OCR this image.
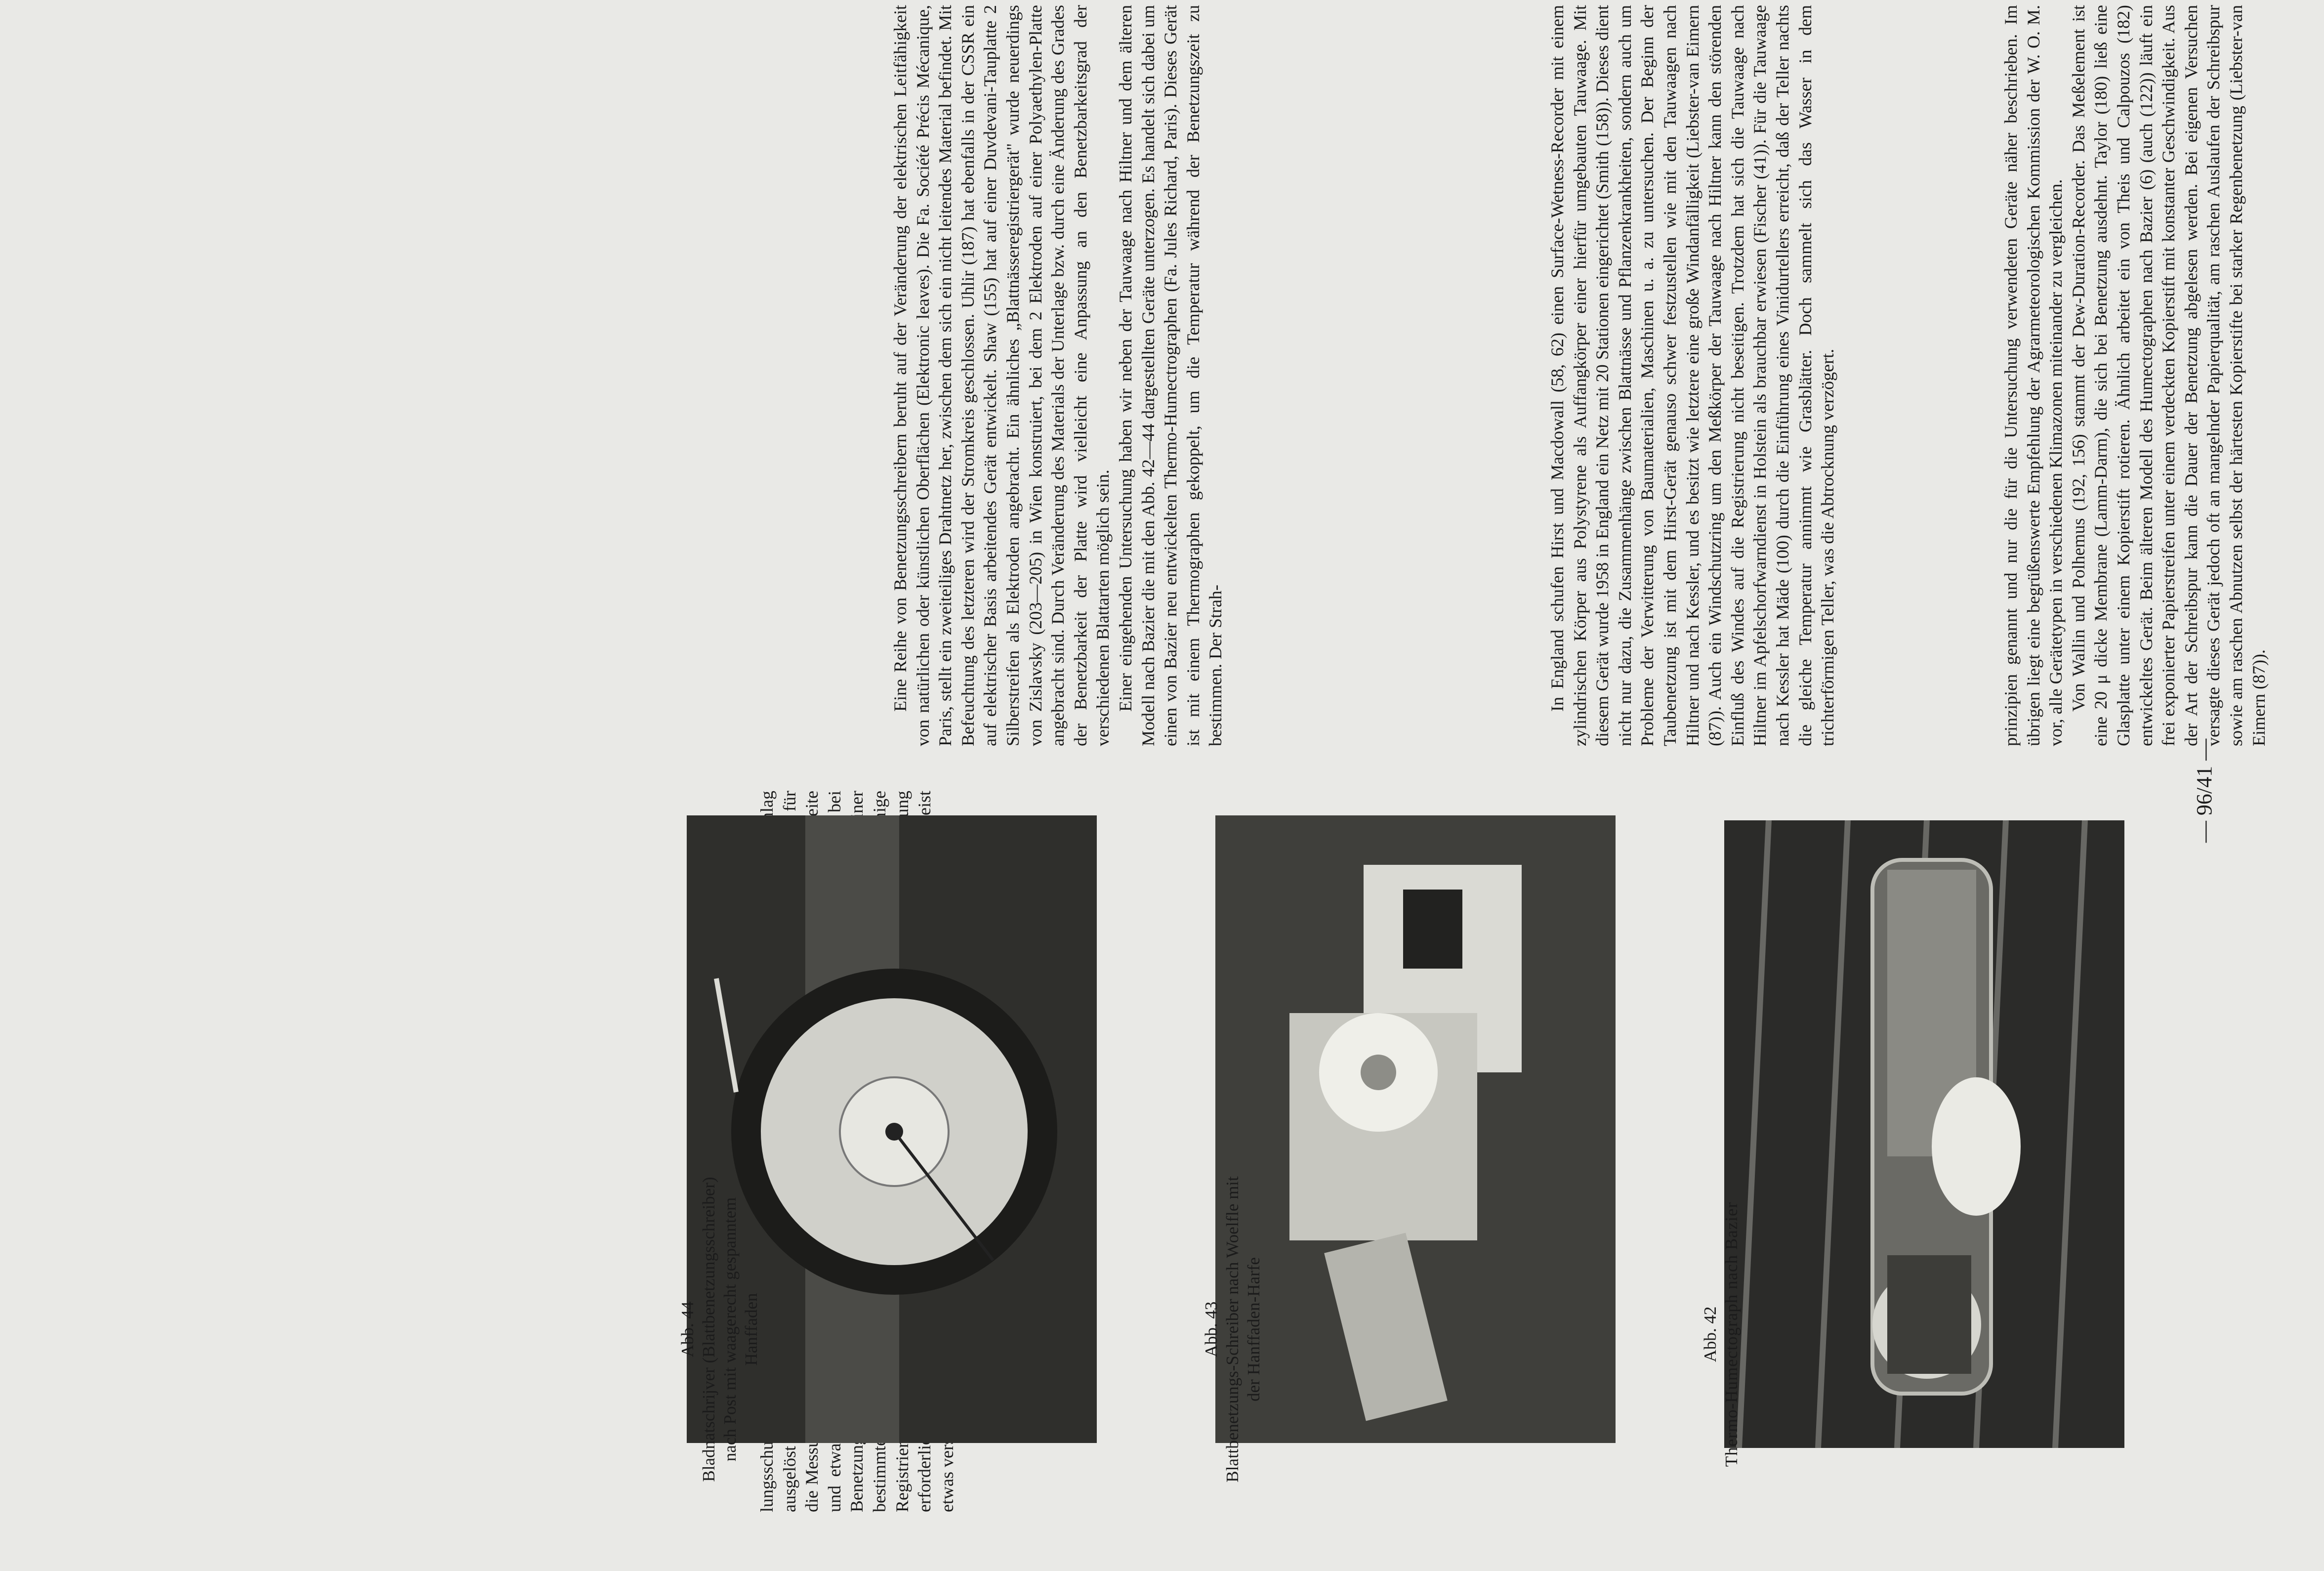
prinzipien genannt und nur die für die Untersuchung verwendeten Geräte näher beschrieben. Im übrigen liegt eine begrüßenswerte Empfehlung der Agrarmeteorologischen Kommission der W. O. M. vor, alle Gerätetypen in verschiedenen Klimazonen miteinander zu vergleichen. Von Wallin und Polhemus (192, 156) stammt der Dew-Duration-Recorder. Das Meßelement ist eine 20 μ dicke Membrane (Lamm-Darm), die sich bei Benetzung ausdehnt. Taylor (180) ließ eine Glasplatte unter einem Kopierstift rotieren. Ähnlich arbeitet ein von Theis und Calpouzos (182) entwickeltes Gerät. Beim älteren Modell des Humectographen nach Bazier (6) (auch (122)) läuft ein frei exponierter Papierstreifen unter einem verdeckten Kopierstift mit konstanter Geschwindigkeit. Aus der Art der Schreibspur kann die Dauer der Benetzung abgelesen werden. Bei eigenen Versuchen versagte dieses Gerät jedoch oft an mangelnder Papierqualität, am raschen Auslaufen der Schreibspur sowie am raschen Abnutzen selbst der härtesten Kopierstifte bei starker Regenbenetzung (Liebster-van Eimern (87)).

In England schufen Hirst und Macdowall (58, 62) einen Surface-Wetness-Recorder mit einem zylindrischen Körper aus Polystyrene als Auffangkörper einer hierfür umgebauten Tauwaage. Mit diesem Gerät wurde 1958 in England ein Netz mit 20 Stationen eingerichtet (Smith (158)). Dieses dient nicht nur dazu, die Zusammenhänge zwischen Blattnässe und Pflanzenkrankheiten, sondern auch um Probleme der Verwitterung von Baumaterialien, Maschinen u. a. zu untersuchen. Der Beginn der Taubenetzung ist mit dem Hirst-Gerät genauso schwer festzustellen wie mit den Tauwaagen nach Hiltner und nach Kessler, und es besitzt wie letztere eine große Windanfälligkeit (Liebster-van Eimern (87)). Auch ein Windschutzring um den Meßkörper der Tauwaage nach Hiltner kann den störenden Einfluß des Windes auf die Registrierung nicht beseitigen. Trotzdem hat sich die Tauwaage nach Hiltner im Apfelschorfwarndienst in Holstein als brauchbar erwiesen (Fischer (41)). Für die Tauwaage nach Kessler hat Mäde (100) durch die Einführung eines Vinidurtellers erreicht, daß der Teller nachts die gleiche Temperatur annimmt wie Grasblätter. Doch sammelt sich das Wasser in dem trichterförmigen Teller, was die Abtrocknung verzögert.

Eine Reihe von Benetzungsschreibern beruht auf der Veränderung der elektrischen Leitfähigkeit von natürlichen oder künstlichen Oberflächen (Elektronic leaves). Die Fa. Société Précis Mécanique, Paris, stellt ein zweiteiliges Drahtnetz her, zwischen dem sich ein nicht leitendes Material befindet. Mit Befeuchtung des letzteren wird der Stromkreis geschlossen. Uhlir (187) hat ebenfalls in der CSSR ein auf elektrischer Basis arbeitendes Gerät entwickelt. Shaw (155) hat auf einer Duvdevani-Tauplatte 2 Silberstreifen als Elektroden angebracht. Ein ähnliches „Blattnässeregistriergerät" wurde neuerdings von Zislavsky (203—205) in Wien konstruiert, bei dem 2 Elektroden auf einer Polyaethylen-Platte angebracht sind. Durch Veränderung des Materials der Unterlage bzw. durch eine Änderung des Grades der Benetzbarkeit der Platte wird vielleicht eine Anpassung an den Benetzbarkeitsgrad der verschiedenen Blattarten möglich sein. Einer eingehenden Untersuchung haben wir neben der Tauwaage nach Hiltner und dem älteren Modell nach Bazier die mit den Abb. 42—44 dargestellten Geräte unterzogen. Es handelt sich dabei um einen von Bazier neu entwickelten Thermo-Humectrographen (Fa. Jules Richard, Paris). Dieses Gerät ist mit einem Thermographen gekoppelt, um die Temperatur während der Benetzungszeit zu bestimmen. Der Strah-

lungsschutz ausgelöst für die Messung Breite und etwa bei Benetzung einer bestimmten Registrierung erforderlich meist etwas

Abb. 42 Thermo-Humectograph nach Bazier
Abb. 43 Blattbenetzungs-Schreiber nach Woelfle mit der Hanffaden-Harfe
Abb. 44 Bladnatschrijver (Blattbenetzungsschreiber) nach Post mit waagerecht gespanntem Hanffaden
— 96/41 —
